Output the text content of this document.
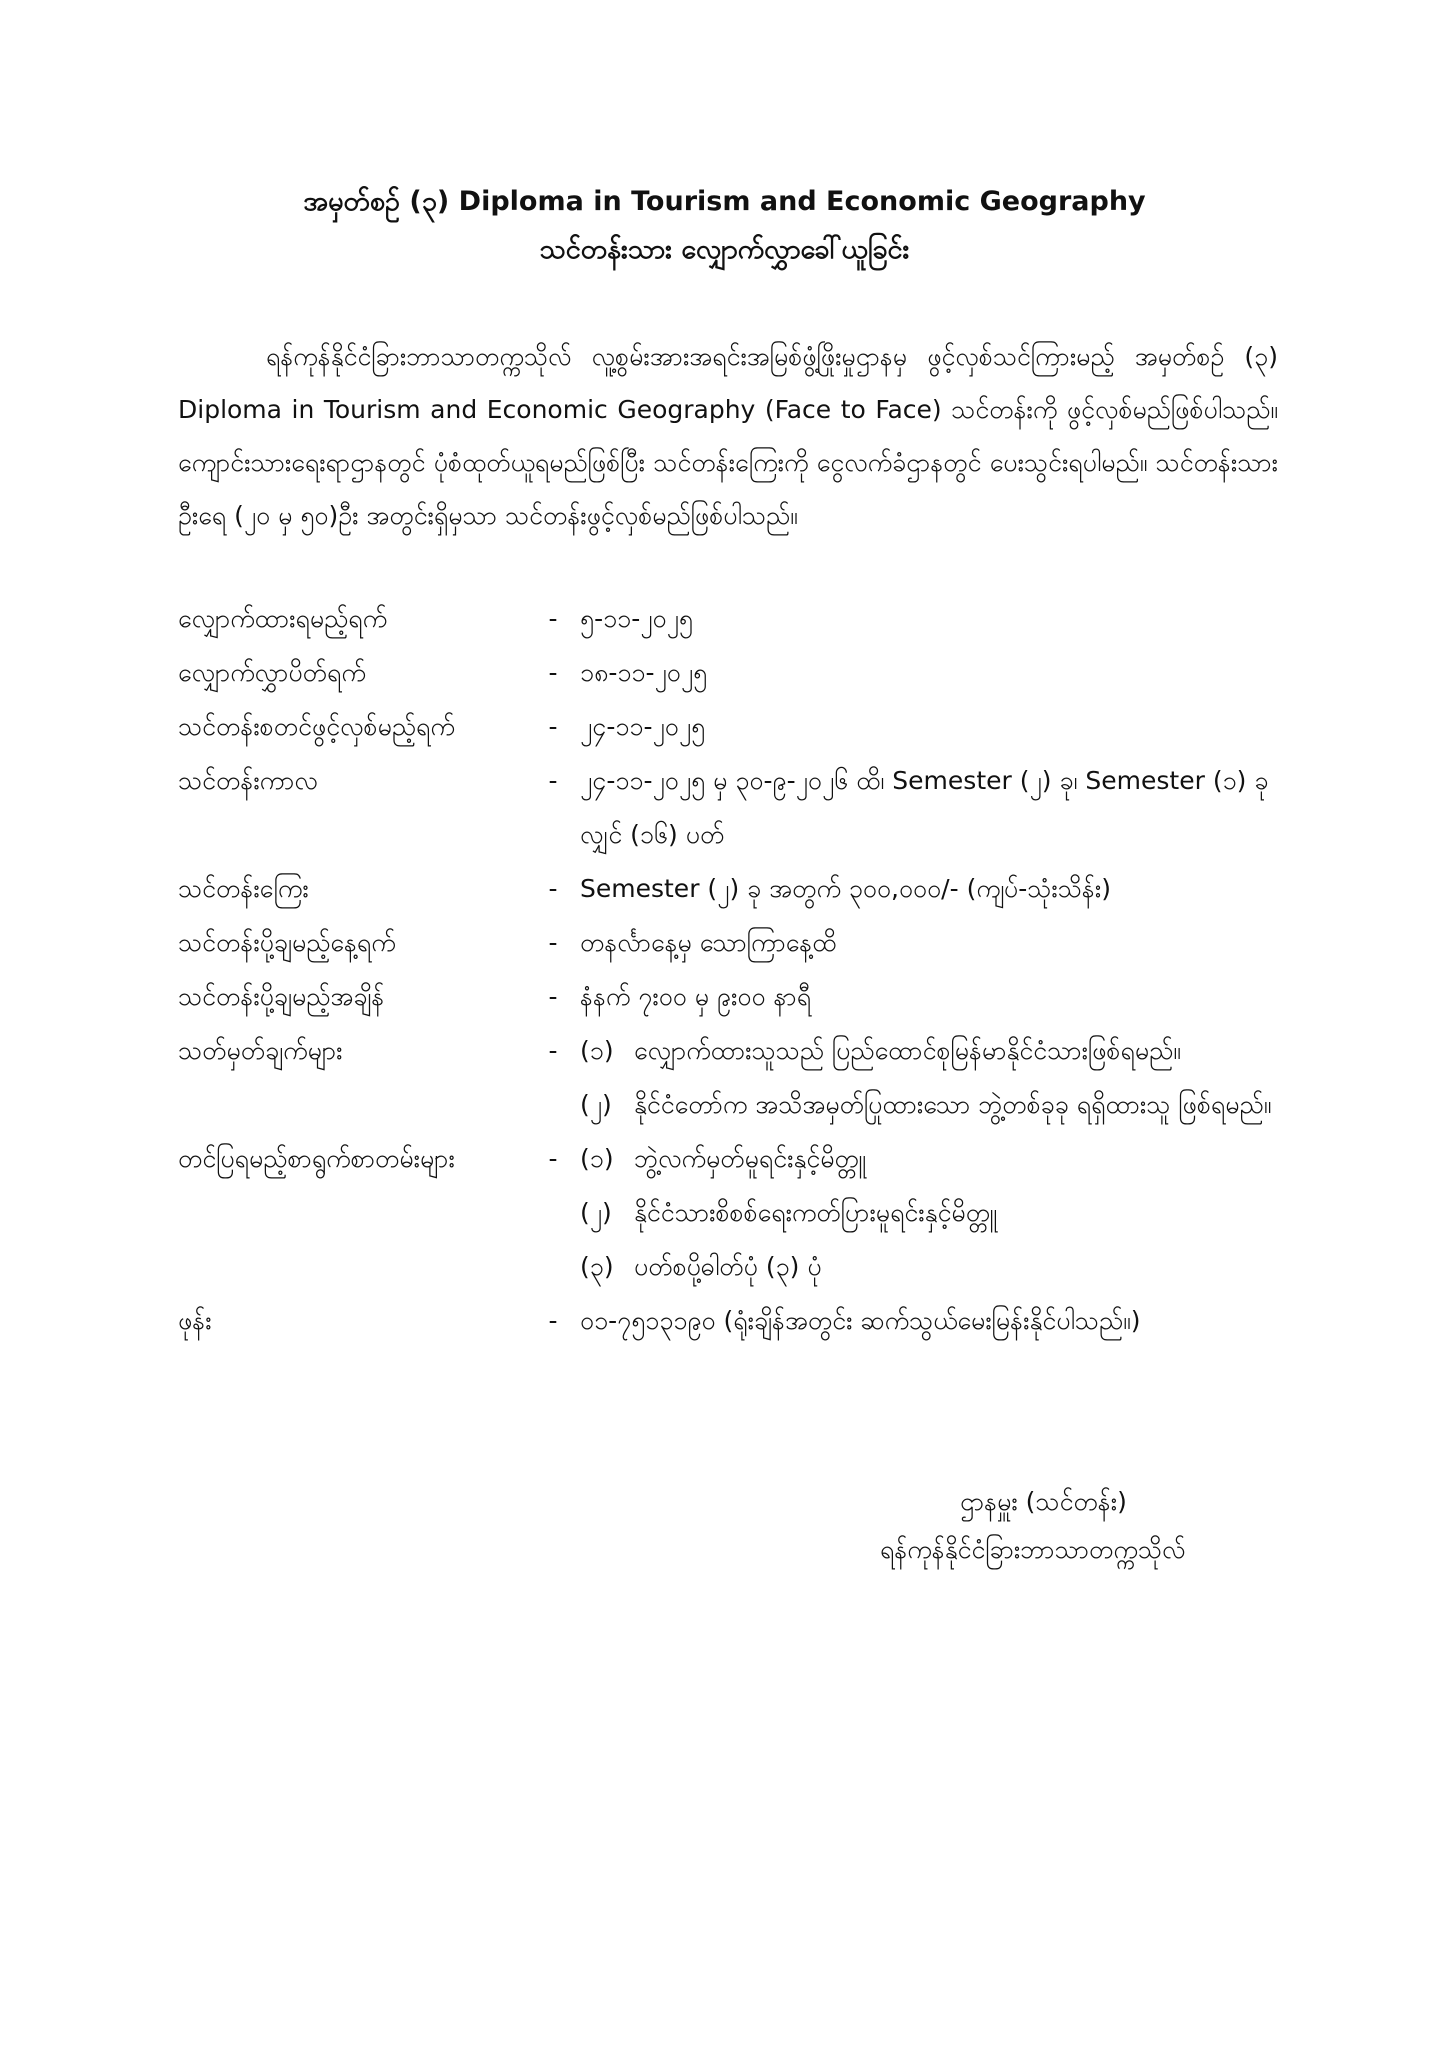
အမှတ်စဉ် (၃) Diploma in Tourism and Economic Geography
သင်တန်းသား လျှောက်လွှာခေါ်ယူခြင်း

ရန်ကုန်နိုင်ငံခြားဘာသာတက္ကသိုလ် လူ့စွမ်းအားအရင်းအမြစ်ဖွံ့ဖြိုးမှုဌာနမှ ဖွင့်လှစ်သင်ကြားမည့် အမှတ်စဉ် (၃) Diploma in Tourism and Economic Geography (Face to Face) သင်တန်းကို ဖွင့်လှစ်မည်ဖြစ်ပါသည်။ ကျောင်းသားရေးရာဌာနတွင် ပုံစံထုတ်ယူရမည်ဖြစ်ပြီး သင်တန်းကြေးကို ငွေလက်ခံဌာနတွင် ပေးသွင်းရပါမည်။ သင်တန်းသားဦးရေ (၂၀ မှ ၅၀)ဦး အတွင်းရှိမှသာ သင်တန်းဖွင့်လှစ်မည်ဖြစ်ပါသည်။

လျှောက်ထားရမည့်ရက်	- ၅-၁၁-၂၀၂၅
လျှောက်လွှာပိတ်ရက်	- ၁၈-၁၁-၂၀၂၅
သင်တန်းစတင်ဖွင့်လှစ်မည့်ရက်	- ၂၄-၁၁-၂၀၂၅
သင်တန်းကာလ	- ၂၄-၁၁-၂၀၂၅ မှ ၃၀-၉-၂၀၂၆ ထိ၊ Semester (၂) ခု၊ Semester (၁) ခုလျှင် (၁၆) ပတ်
သင်တန်းကြေး	- Semester (၂) ခု အတွက် ၃၀၀,၀၀၀/- (ကျပ်-သုံးသိန်း)
သင်တန်းပို့ချမည့်နေ့ရက်	- တနင်္လာနေ့မှ သောကြာနေ့ထိ
သင်တန်းပို့ချမည့်အချိန်	- နံနက် ၇း၀၀ မှ ၉း၀၀ နာရီ
သတ်မှတ်ချက်များ	- (၁) လျှောက်ထားသူသည် ပြည်ထောင်စုမြန်မာနိုင်ငံသားဖြစ်ရမည်။
(၂) နိုင်ငံတော်က အသိအမှတ်ပြုထားသော ဘွဲ့တစ်ခုခု ရရှိထားသူ ဖြစ်ရမည်။
တင်ပြရမည့်စာရွက်စာတမ်းများ	- (၁) ဘွဲ့လက်မှတ်မူရင်းနှင့်မိတ္တူ
(၂) နိုင်ငံသားစိစစ်ရေးကတ်ပြားမူရင်းနှင့်မိတ္တူ
(၃) ပတ်စပို့ဓါတ်ပုံ (၃) ပုံ
ဖုန်း	- ၀၁-၇၅၁၃၁၉၀ (ရုံးချိန်အတွင်း ဆက်သွယ်မေးမြန်းနိုင်ပါသည်။)
ဌာနမှူး (သင်တန်း)
ရန်ကုန်နိုင်ငံခြားဘာသာတက္ကသိုလ်
